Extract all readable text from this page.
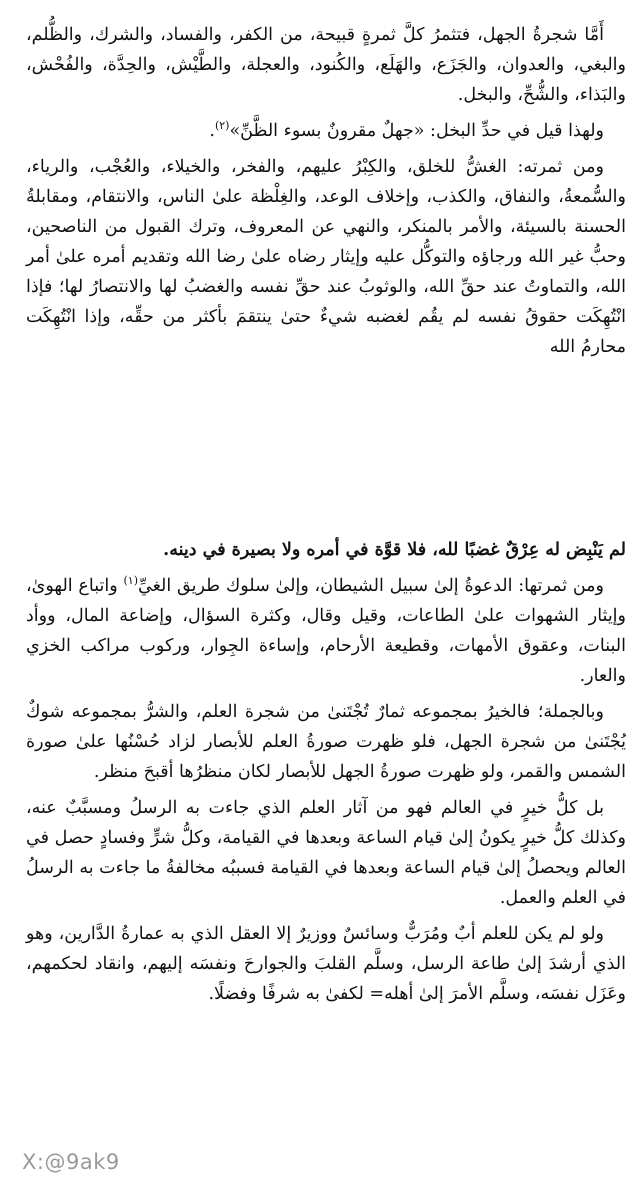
أَمَّا شجرةُ الجهل، فتثمرُ كلَّ ثمرةٍ قبيحة، من الكفر، والفساد، والشرك، والظُّلم، والبغي، والعدوان، والجَزَع، والهَلَع، والكُنود، والعجلة، والطَّيْش، والحِدَّة، والفُحْش، والبَذاء، والشُّحِّ، والبخل.

ولهذا قيل في حدِّ البخل: «جهلٌ مقرونٌ بسوء الظَّنِّ»$^{(٢)}$.

ومن ثمرته: الغشُّ للخلق، والكِبْرُ عليهم، والفخر، والخيلاء، والعُجْب، والرياء، والسُّمعةُ، والنفاق، والكذب، وإخلاف الوعد، والغِلْظة علىٰ الناس، والانتقام، ومقابلةُ الحسنة بالسيئة، والأمر بالمنكر، والنهي عن المعروف، وترك القبول من الناصحين، وحبُّ غير الله ورجاؤه والتوكُّل عليه وإيثار رضاه علىٰ رضا الله وتقديم أمره علىٰ أمر الله، والتماوتُ عند حقِّ الله، والوثوبُ عند حقِّ نفسه والغضبُ لها والانتصارُ لها؛ فإذا انْتُهِكَت حقوقُ نفسه لم يقُم لغضبه شيءٌ حتىٰ ينتقمَ بأكثر من حقِّه، وإذا انْتُهِكَت محارمُ الله

لم يَنْبِض له عِرْقٌ غضبًا لله، فلا قوَّة في أمره ولا بصيرة في دينه.

ومن ثمرتها: الدعوةُ إلىٰ سبيل الشيطان، وإلىٰ سلوك طريق الغيِّ$^{(١)}$ واتباع الهوىٰ، وإيثار الشهوات علىٰ الطاعات، وقيل وقال، وكثرة السؤال، وإضاعة المال، ووأد البنات، وعقوق الأمهات، وقطيعة الأرحام، وإساءة الجِوار، وركوب مراكب الخزي والعار.

وبالجملة؛ فالخيرُ بمجموعه ثمارٌ تُجْتَنىٰ من شجرة العلم، والشرُّ بمجموعه شوكٌ يُجْتَنىٰ من شجرة الجهل، فلو ظهرت صورةُ العلم للأبصار لزاد حُسْنُها علىٰ صورة الشمس والقمر، ولو ظهرت صورةُ الجهل للأبصار لكان منظرُها أقبحَ منظر.

بل كلُّ خيرٍ في العالم فهو من آثار العلم الذي جاءت به الرسلُ ومسبَّبٌ عنه، وكذلك كلُّ خيرٍ يكونُ إلىٰ قيام الساعة وبعدها في القيامة، وكلُّ شرٍّ وفسادٍ حصل في العالم ويحصلُ إلىٰ قيام الساعة وبعدها في القيامة فسببُه مخالفةُ ما جاءت به الرسلُ في العلم والعمل.

ولو لم يكن للعلم أبٌ ومُرَبٌّ وسائسٌ ووزيرٌ إلا العقل الذي به عمارةُ الدَّارين، وهو الذي أرشدَ إلىٰ طاعة الرسل، وسلَّم القلبَ والجوارحَ ونفسَه إليهم، وانقاد لحكمهم، وعَزَل نفسَه، وسلَّم الأمرَ إلىٰ أهله= لكفىٰ به شرفًا وفضلًا.

X:@9ak9
